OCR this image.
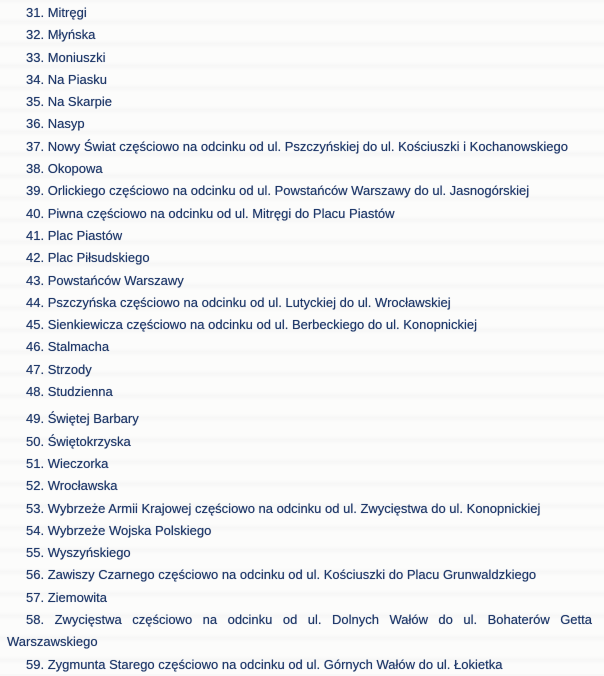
31. Mitręgi
32. Młyńska
33. Moniuszki
34. Na Piasku
35. Na Skarpie
36. Nasyp
37. Nowy Świat częściowo na odcinku od ul. Pszczyńskiej do ul. Kościuszki i Kochanowskiego
38. Okopowa
39. Orlickiego częściowo na odcinku od ul. Powstańców Warszawy do ul. Jasnogórskiej
40. Piwna częściowo na odcinku od ul. Mitręgi do Placu Piastów
41. Plac Piastów
42. Plac Piłsudskiego
43. Powstańców Warszawy
44. Pszczyńska częściowo na odcinku od ul. Lutyckiej do ul. Wrocławskiej
45. Sienkiewicza częściowo na odcinku od ul. Berbeckiego do ul. Konopnickiej
46. Stalmacha
47. Strzody
48. Studzienna
49. Świętej Barbary
50. Świętokrzyska
51. Wieczorka
52. Wrocławska
53. Wybrzeże Armii Krajowej częściowo na odcinku od ul. Zwycięstwa do ul. Konopnickiej
54. Wybrzeże Wojska Polskiego
55. Wyszyńskiego
56. Zawiszy Czarnego częściowo na odcinku od ul. Kościuszki do Placu Grunwaldzkiego
57. Ziemowita
58. Zwycięstwa częściowo na odcinku od ul. Dolnych Wałów do ul. Bohaterów Getta Warszawskiego
59. Zygmunta Starego częściowo na odcinku od ul. Górnych Wałów do ul. Łokietka
